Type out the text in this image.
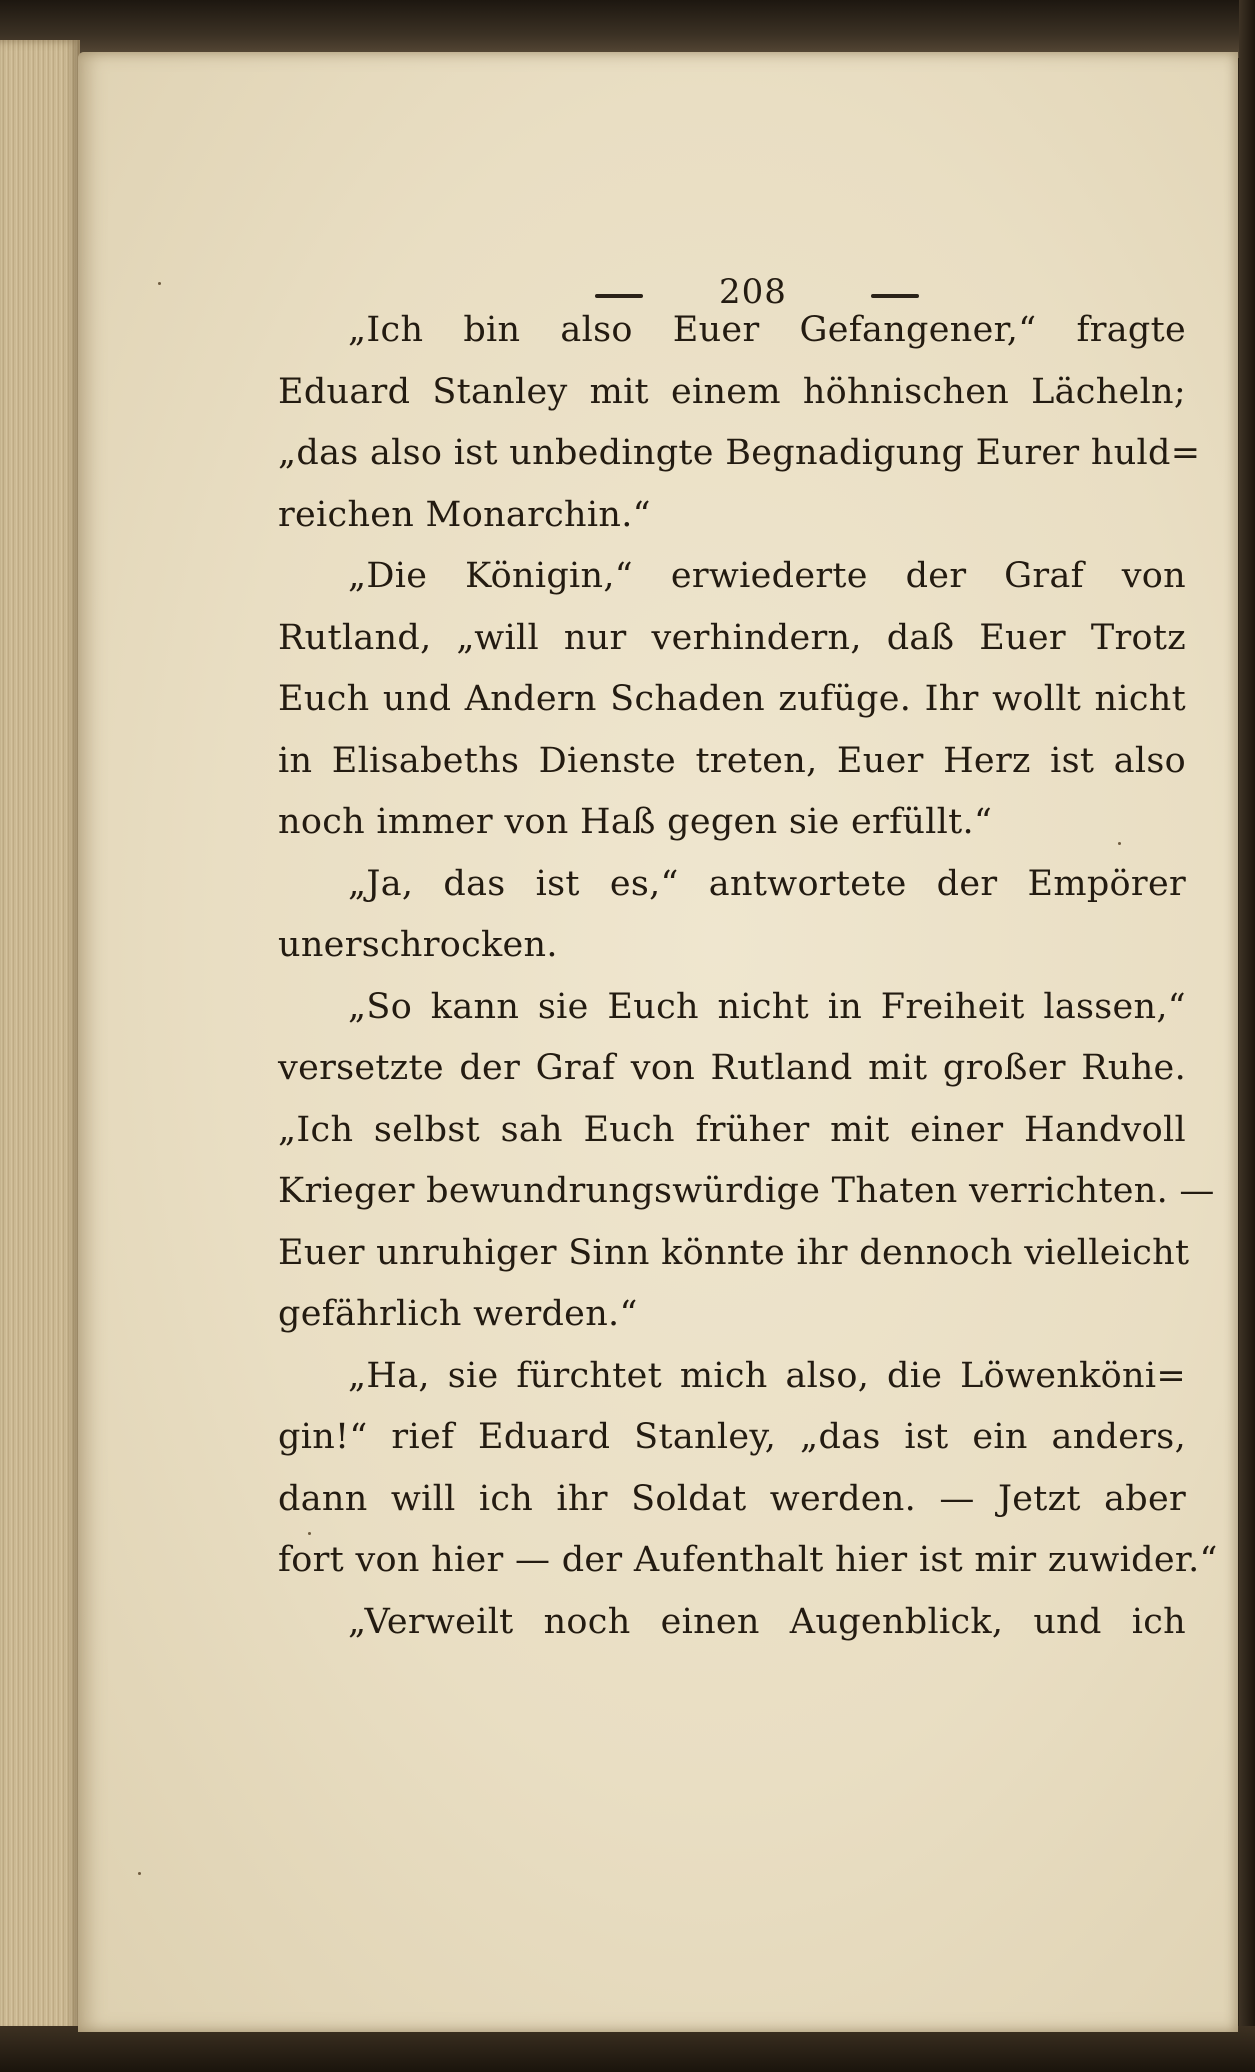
208
„Ich bin also Euer Gefangener,“ fragte
Eduard Stanley mit einem höhnischen Lächeln;
„das also ist unbedingte Begnadigung Eurer huld=
reichen Monarchin.“
„Die Königin,“ erwiederte der Graf von
Rutland, „will nur verhindern, daß Euer Trotz
Euch und Andern Schaden zufüge. Ihr wollt nicht
in Elisabeths Dienste treten, Euer Herz ist also
noch immer von Haß gegen sie erfüllt.“
„Ja, das ist es,“ antwortete der Empörer
unerschrocken.
„So kann sie Euch nicht in Freiheit lassen,“
versetzte der Graf von Rutland mit großer Ruhe.
„Ich selbst sah Euch früher mit einer Handvoll
Krieger bewundrungswürdige Thaten verrichten. —
Euer unruhiger Sinn könnte ihr dennoch vielleicht
gefährlich werden.“
„Ha, sie fürchtet mich also, die Löwenköni=
gin!“ rief Eduard Stanley, „das ist ein anders,
dann will ich ihr Soldat werden. — Jetzt aber
fort von hier — der Aufenthalt hier ist mir zuwider.“
„Verweilt noch einen Augenblick, und ich
